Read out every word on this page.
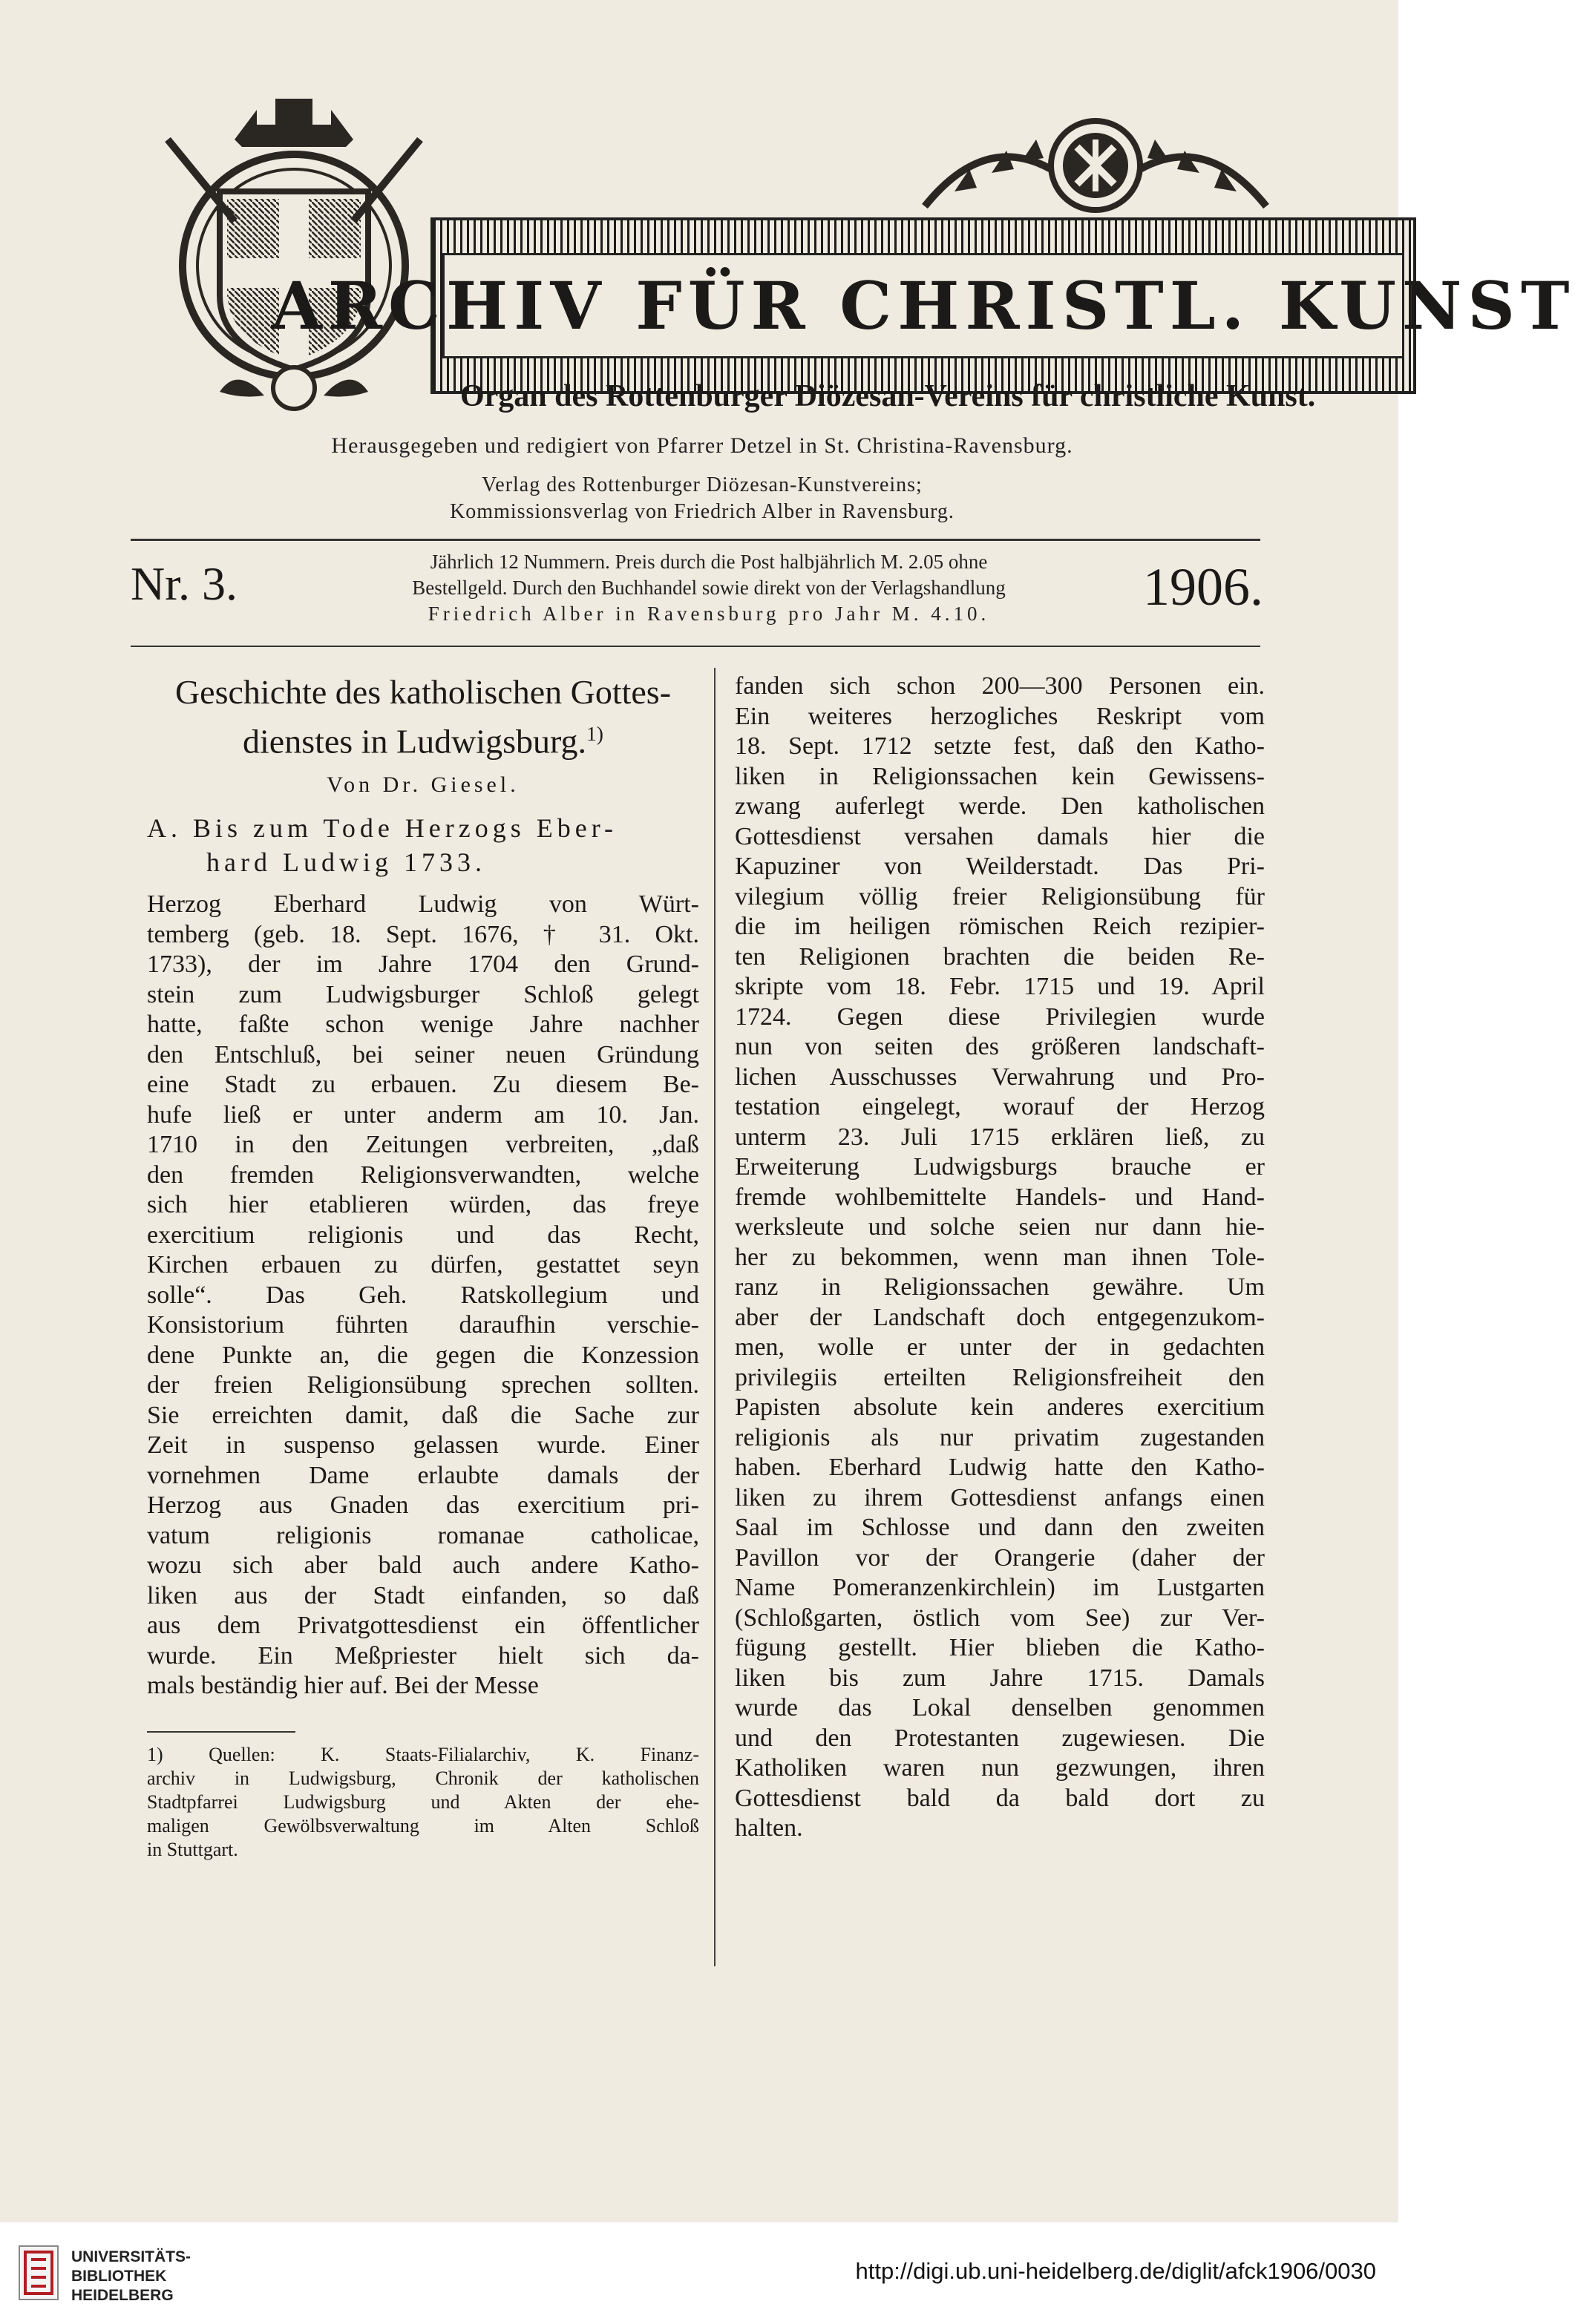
ARCHIV FÜR CHRISTL. KUNST
Organ des Rottenburger Diözesan-Vereins für christliche Kunst.
Herausgegeben und redigiert von Pfarrer Detzel in St. Christina-Ravensburg.
Verlag des Rottenburger Diözesan-Kunstvereins;
Kommissionsverlag von Friedrich Alber in Ravensburg.
Nr. 3.	Jährlich 12 Nummern. Preis durch die Post halbjährlich M. 2.05 ohne
Bestellgeld. Durch den Buchhandel sowie direkt von der Verlagshandlung
Friedrich Alber in Ravensburg pro Jahr M. 4.10.	1906.
Geschichte des katholischen Gottes-
dienstes in Ludwigsburg.$^{1)}$
Von Dr. Giesel.
A. Bis zum Tode Herzogs Eber-
hard Ludwig 1733.
Herzog Eberhard Ludwig von Würt-
temberg (geb. 18. Sept. 1676, † 31. Okt.
1733), der im Jahre 1704 den Grund-
stein zum Ludwigsburger Schloß gelegt
hatte, faßte schon wenige Jahre nachher
den Entschluß, bei seiner neuen Gründung
eine Stadt zu erbauen. Zu diesem Be-
hufe ließ er unter anderm am 10. Jan.
1710 in den Zeitungen verbreiten, „daß
den fremden Religionsverwandten, welche
sich hier etablieren würden, das freye
exercitium religionis und das Recht,
Kirchen erbauen zu dürfen, gestattet seyn
solle“. Das Geh. Ratskollegium und
Konsistorium führten daraufhin verschie-
dene Punkte an, die gegen die Konzession
der freien Religionsübung sprechen sollten.
Sie erreichten damit, daß die Sache zur
Zeit in suspenso gelassen wurde. Einer
vornehmen Dame erlaubte damals der
Herzog aus Gnaden das exercitium pri-
vatum religionis romanae catholicae,
wozu sich aber bald auch andere Katho-
liken aus der Stadt einfanden, so daß
aus dem Privatgottesdienst ein öffentlicher
wurde. Ein Meßpriester hielt sich da-
mals beständig hier auf. Bei der Messe
1) Quellen: K. Staats-Filialarchiv, K. Finanz-
archiv in Ludwigsburg, Chronik der katholischen
Stadtpfarrei Ludwigsburg und Akten der ehe-
maligen Gewölbsverwaltung im Alten Schloß
in Stuttgart.
fanden sich schon 200—300 Personen ein.
Ein weiteres herzogliches Reskript vom
18. Sept. 1712 setzte fest, daß den Katho-
liken in Religionssachen kein Gewissens-
zwang auferlegt werde. Den katholischen
Gottesdienst versahen damals hier die
Kapuziner von Weilderstadt. Das Pri-
vilegium völlig freier Religionsübung für
die im heiligen römischen Reich rezipier-
ten Religionen brachten die beiden Re-
skripte vom 18. Febr. 1715 und 19. April
1724. Gegen diese Privilegien wurde
nun von seiten des größeren landschaft-
lichen Ausschusses Verwahrung und Pro-
testation eingelegt, worauf der Herzog
unterm 23. Juli 1715 erklären ließ, zu
Erweiterung Ludwigsburgs brauche er
fremde wohlbemittelte Handels- und Hand-
werksleute und solche seien nur dann hie-
her zu bekommen, wenn man ihnen Tole-
ranz in Religionssachen gewähre. Um
aber der Landschaft doch entgegenzukom-
men, wolle er unter der in gedachten
privilegiis erteilten Religionsfreiheit den
Papisten absolute kein anderes exercitium
religionis als nur privatim zugestanden
haben. Eberhard Ludwig hatte den Katho-
liken zu ihrem Gottesdienst anfangs einen
Saal im Schlosse und dann den zweiten
Pavillon vor der Orangerie (daher der
Name Pomeranzenkirchlein) im Lustgarten
(Schloßgarten, östlich vom See) zur Ver-
fügung gestellt. Hier blieben die Katho-
liken bis zum Jahre 1715. Damals
wurde das Lokal denselben genommen
und den Protestanten zugewiesen. Die
Katholiken waren nun gezwungen, ihren
Gottesdienst bald da bald dort zu
halten.
UNIVERSITÄTS-
BIBLIOTHEK
HEIDELBERG
http://digi.ub.uni-heidelberg.de/diglit/afck1906/0030
